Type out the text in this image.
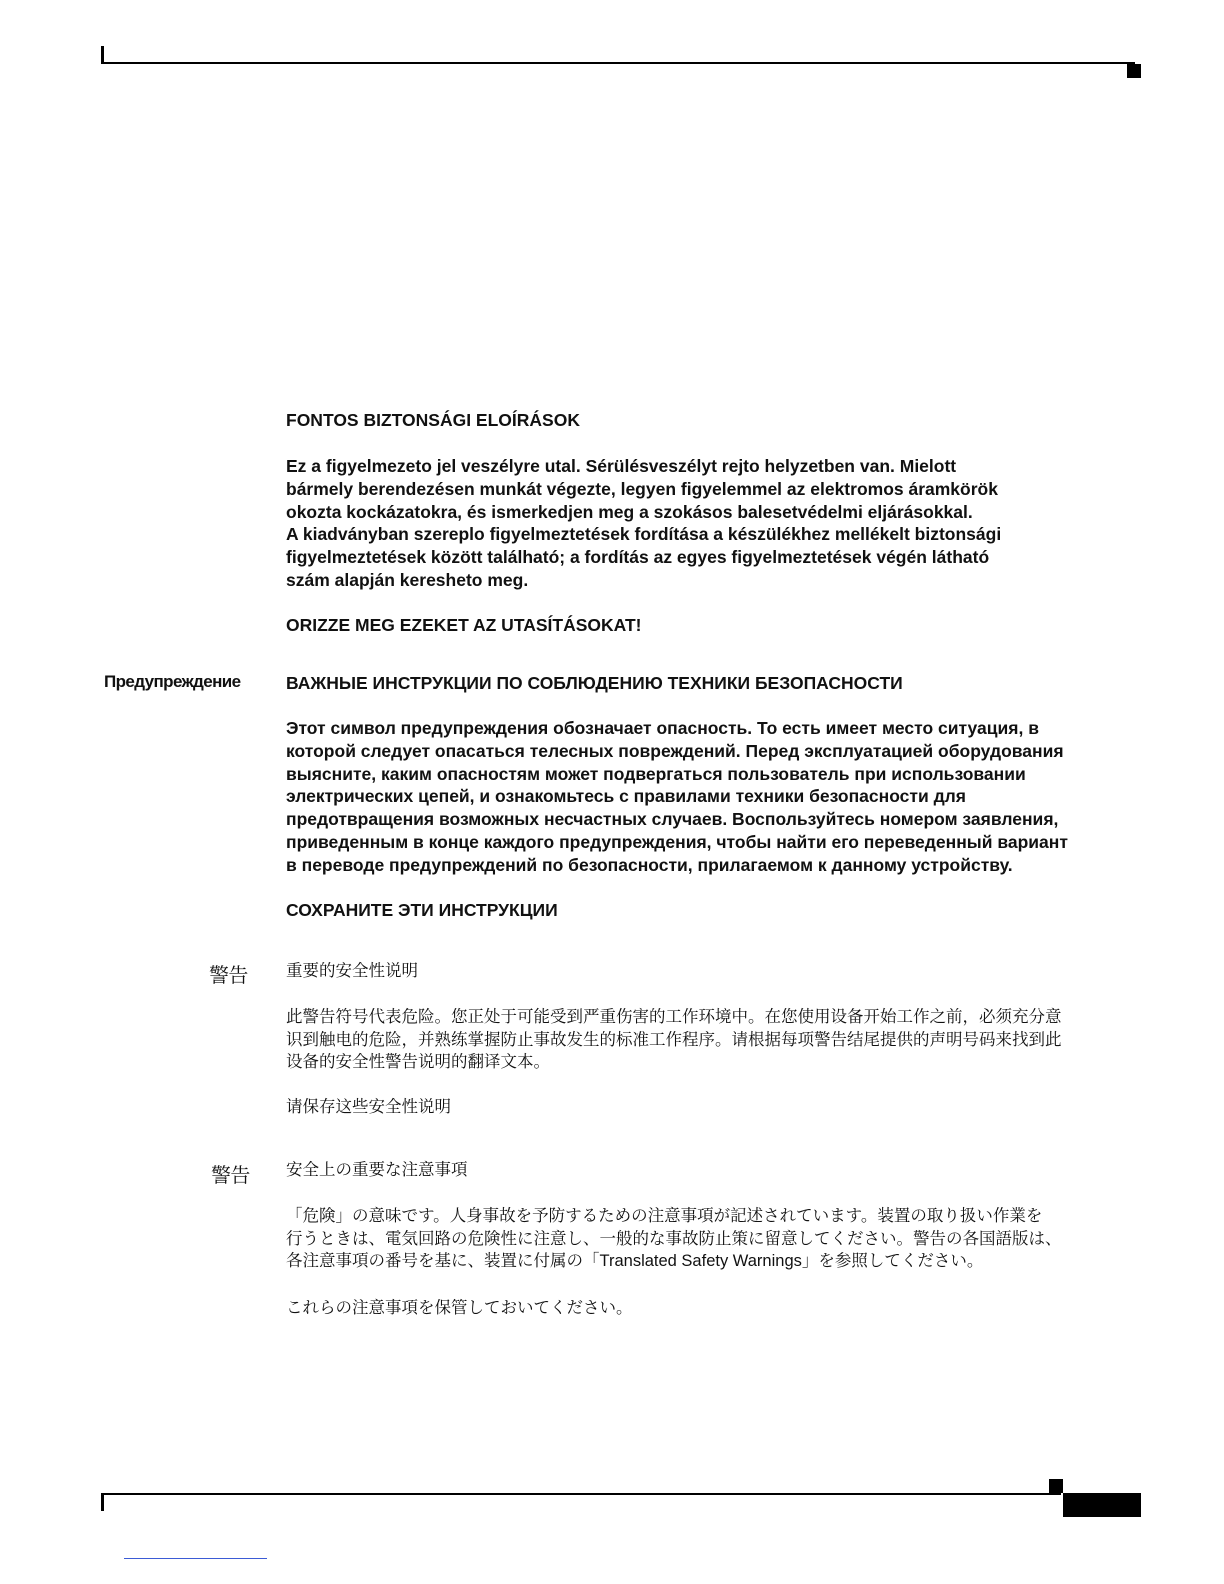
FONTOS BIZTONSÁGI ELOÍRÁSOK

Ez a figyelmezeto jel veszélyre utal. Sérülésveszélyt rejto helyzetben van. Mielott
bármely berendezésen munkát végezte, legyen figyelemmel az elektromos áramkörök
okozta kockázatokra, és ismerkedjen meg a szokásos balesetvédelmi eljárásokkal.
A kiadványban szereplo figyelmeztetések fordítása a készülékhez mellékelt biztonsági
figyelmeztetések között található; a fordítás az egyes figyelmeztetések végén látható
szám alapján kereshetо meg.

ORIZZE MEG EZEKET AZ UTASÍTÁSOKAT!

Предупреждение	ВАЖНЫЕ ИНСТРУКЦИИ ПО СОБЛЮДЕНИЮ ТЕХНИКИ БЕЗОПАСНОСТИ

Этот символ предупреждения обозначает опасность. То есть имеет место ситуация, в
которой следует опасаться телесных повреждений. Перед эксплуатацией оборудования
выясните, каким опасностям может подвергаться пользователь при использовании
электрических цепей, и ознакомьтесь с правилами техники безопасности для
предотвращения возможных несчастных случаев. Воспользуйтесь номером заявления,
приведенным в конце каждого предупреждения, чтобы найти его переведенный вариант
в переводе предупреждений по безопасности, прилагаемом к данному устройству.

СОХРАНИТЕ ЭТИ ИНСТРУКЦИИ

警告 重要的安全性说明

此警告符号代表危险。您正处于可能受到严重伤害的工作环境中。在您使用设备开始工作之前，必须充分意
识到触电的危险，并熟练掌握防止事故发生的标准工作程序。请根据每项警告结尾提供的声明号码来找到此
设备的安全性警告说明的翻译文本。

请保存这些安全性说明

警告 安全上の重要な注意事項

「危険」の意味です。人身事故を予防するための注意事項が記述されています。装置の取り扱い作業を
行うときは、電気回路の危険性に注意し、一般的な事故防止策に留意してください。警告の各国語版は、
各注意事項の番号を基に、装置に付属の「Translated Safety Warnings」を参照してください。

これらの注意事項を保管しておいてください。
